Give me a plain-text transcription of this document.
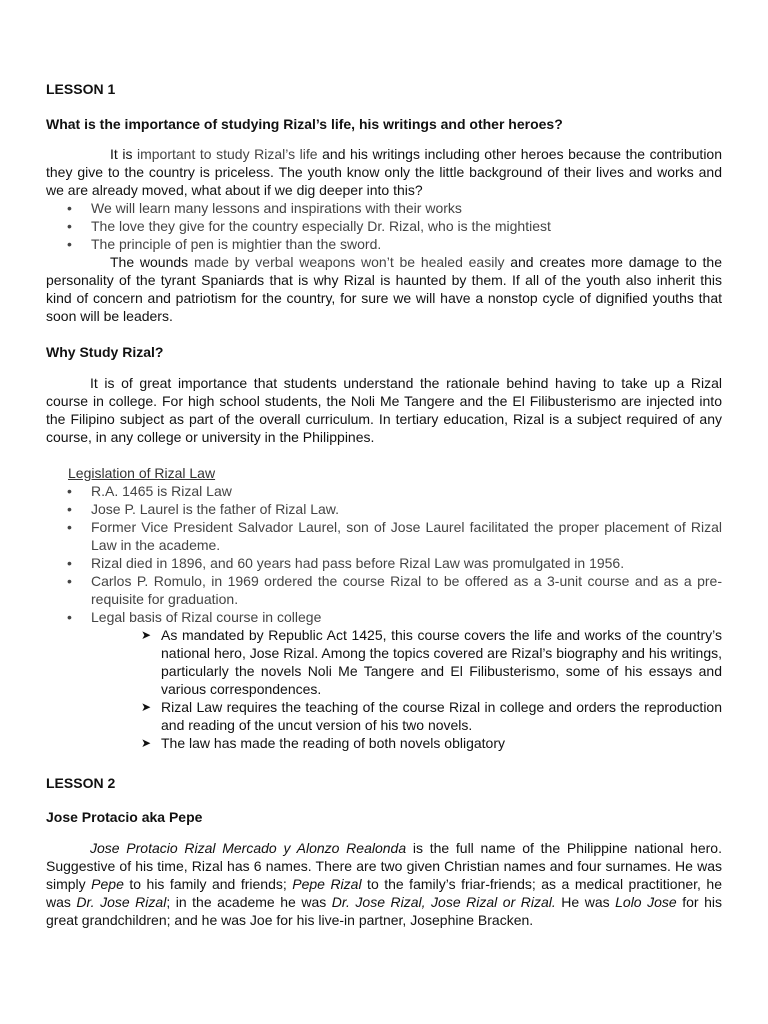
LESSON 1

What is the importance of studying Rizal’s life, his writings and other heroes?

It is important to study Rizal’s life and his writings including other heroes because the contribution they give to the country is priceless. The youth know only the little background of their lives and works and we are already moved, what about if we dig deeper into this?

• We will learn many lessons and inspirations with their works
• The love they give for the country especially Dr. Rizal, who is the mightiest
• The principle of pen is mightier than the sword.

The wounds made by verbal weapons won’t be healed easily and creates more damage to the personality of the tyrant Spaniards that is why Rizal is haunted by them. If all of the youth also inherit this kind of concern and patriotism for the country, for sure we will have a nonstop cycle of dignified youths that soon will be leaders.

Why Study Rizal?

It is of great importance that students understand the rationale behind having to take up a Rizal course in college. For high school students, the Noli Me Tangere and the El Filibusterismo are injected into the Filipino subject as part of the overall curriculum. In tertiary education, Rizal is a subject required of any course, in any college or university in the Philippines.

Legislation of Rizal Law

• R.A. 1465 is Rizal Law
• Jose P. Laurel is the father of Rizal Law.
• Former Vice President Salvador Laurel, son of Jose Laurel facilitated the proper placement of Rizal Law in the academe.
• Rizal died in 1896, and 60 years had pass before Rizal Law was promulgated in 1956.
• Carlos P. Romulo, in 1969 ordered the course Rizal to be offered as a 3-unit course and as a pre-requisite for graduation.
• Legal basis of Rizal course in college
➤ As mandated by Republic Act 1425, this course covers the life and works of the country’s national hero, Jose Rizal. Among the topics covered are Rizal’s biography and his writings, particularly the novels Noli Me Tangere and El Filibusterismo, some of his essays and various correspondences.
➤ Rizal Law requires the teaching of the course Rizal in college and orders the reproduction and reading of the uncut version of his two novels.
➤ The law has made the reading of both novels obligatory

LESSON 2

Jose Protacio aka Pepe

Jose Protacio Rizal Mercado y Alonzo Realonda is the full name of the Philippine national hero. Suggestive of his time, Rizal has 6 names. There are two given Christian names and four surnames. He was simply Pepe to his family and friends; Pepe Rizal to the family’s friar-friends; as a medical practitioner, he was Dr. Jose Rizal; in the academe he was Dr. Jose Rizal, Jose Rizal or Rizal. He was Lolo Jose for his great grandchildren; and he was Joe for his live-in partner, Josephine Bracken.
